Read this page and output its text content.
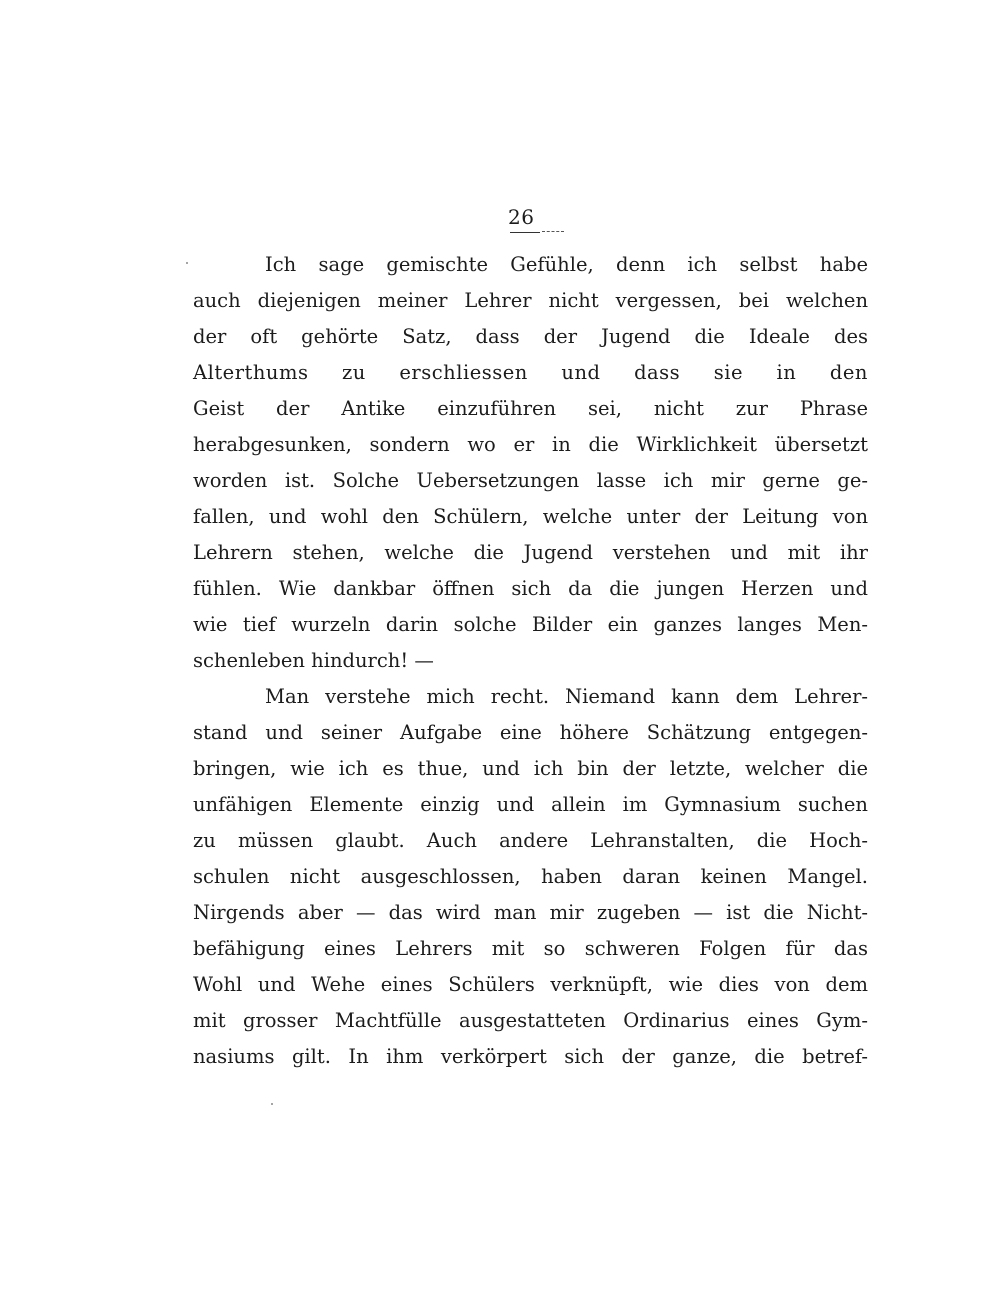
26
Ich sage gemischte Gefühle, denn ich selbst habe
auch diejenigen meiner Lehrer nicht vergessen, bei welchen
der oft gehörte Satz, dass der Jugend die Ideale des
Alterthums zu erschliessen und dass sie in den
Geist der Antike einzuführen sei, nicht zur Phrase
herabgesunken, sondern wo er in die Wirklichkeit übersetzt
worden ist. Solche Uebersetzungen lasse ich mir gerne ge-
fallen, und wohl den Schülern, welche unter der Leitung von
Lehrern stehen, welche die Jugend verstehen und mit ihr
fühlen. Wie dankbar öffnen sich da die jungen Herzen und
wie tief wurzeln darin solche Bilder ein ganzes langes Men-
schenleben hindurch! —
Man verstehe mich recht. Niemand kann dem Lehrer-
stand und seiner Aufgabe eine höhere Schätzung entgegen-
bringen, wie ich es thue, und ich bin der letzte, welcher die
unfähigen Elemente einzig und allein im Gymnasium suchen
zu müssen glaubt. Auch andere Lehranstalten, die Hoch-
schulen nicht ausgeschlossen, haben daran keinen Mangel.
Nirgends aber — das wird man mir zugeben — ist die Nicht-
befähigung eines Lehrers mit so schweren Folgen für das
Wohl und Wehe eines Schülers verknüpft, wie dies von dem
mit grosser Machtfülle ausgestatteten Ordinarius eines Gym-
nasiums gilt. In ihm verkörpert sich der ganze, die betref-
